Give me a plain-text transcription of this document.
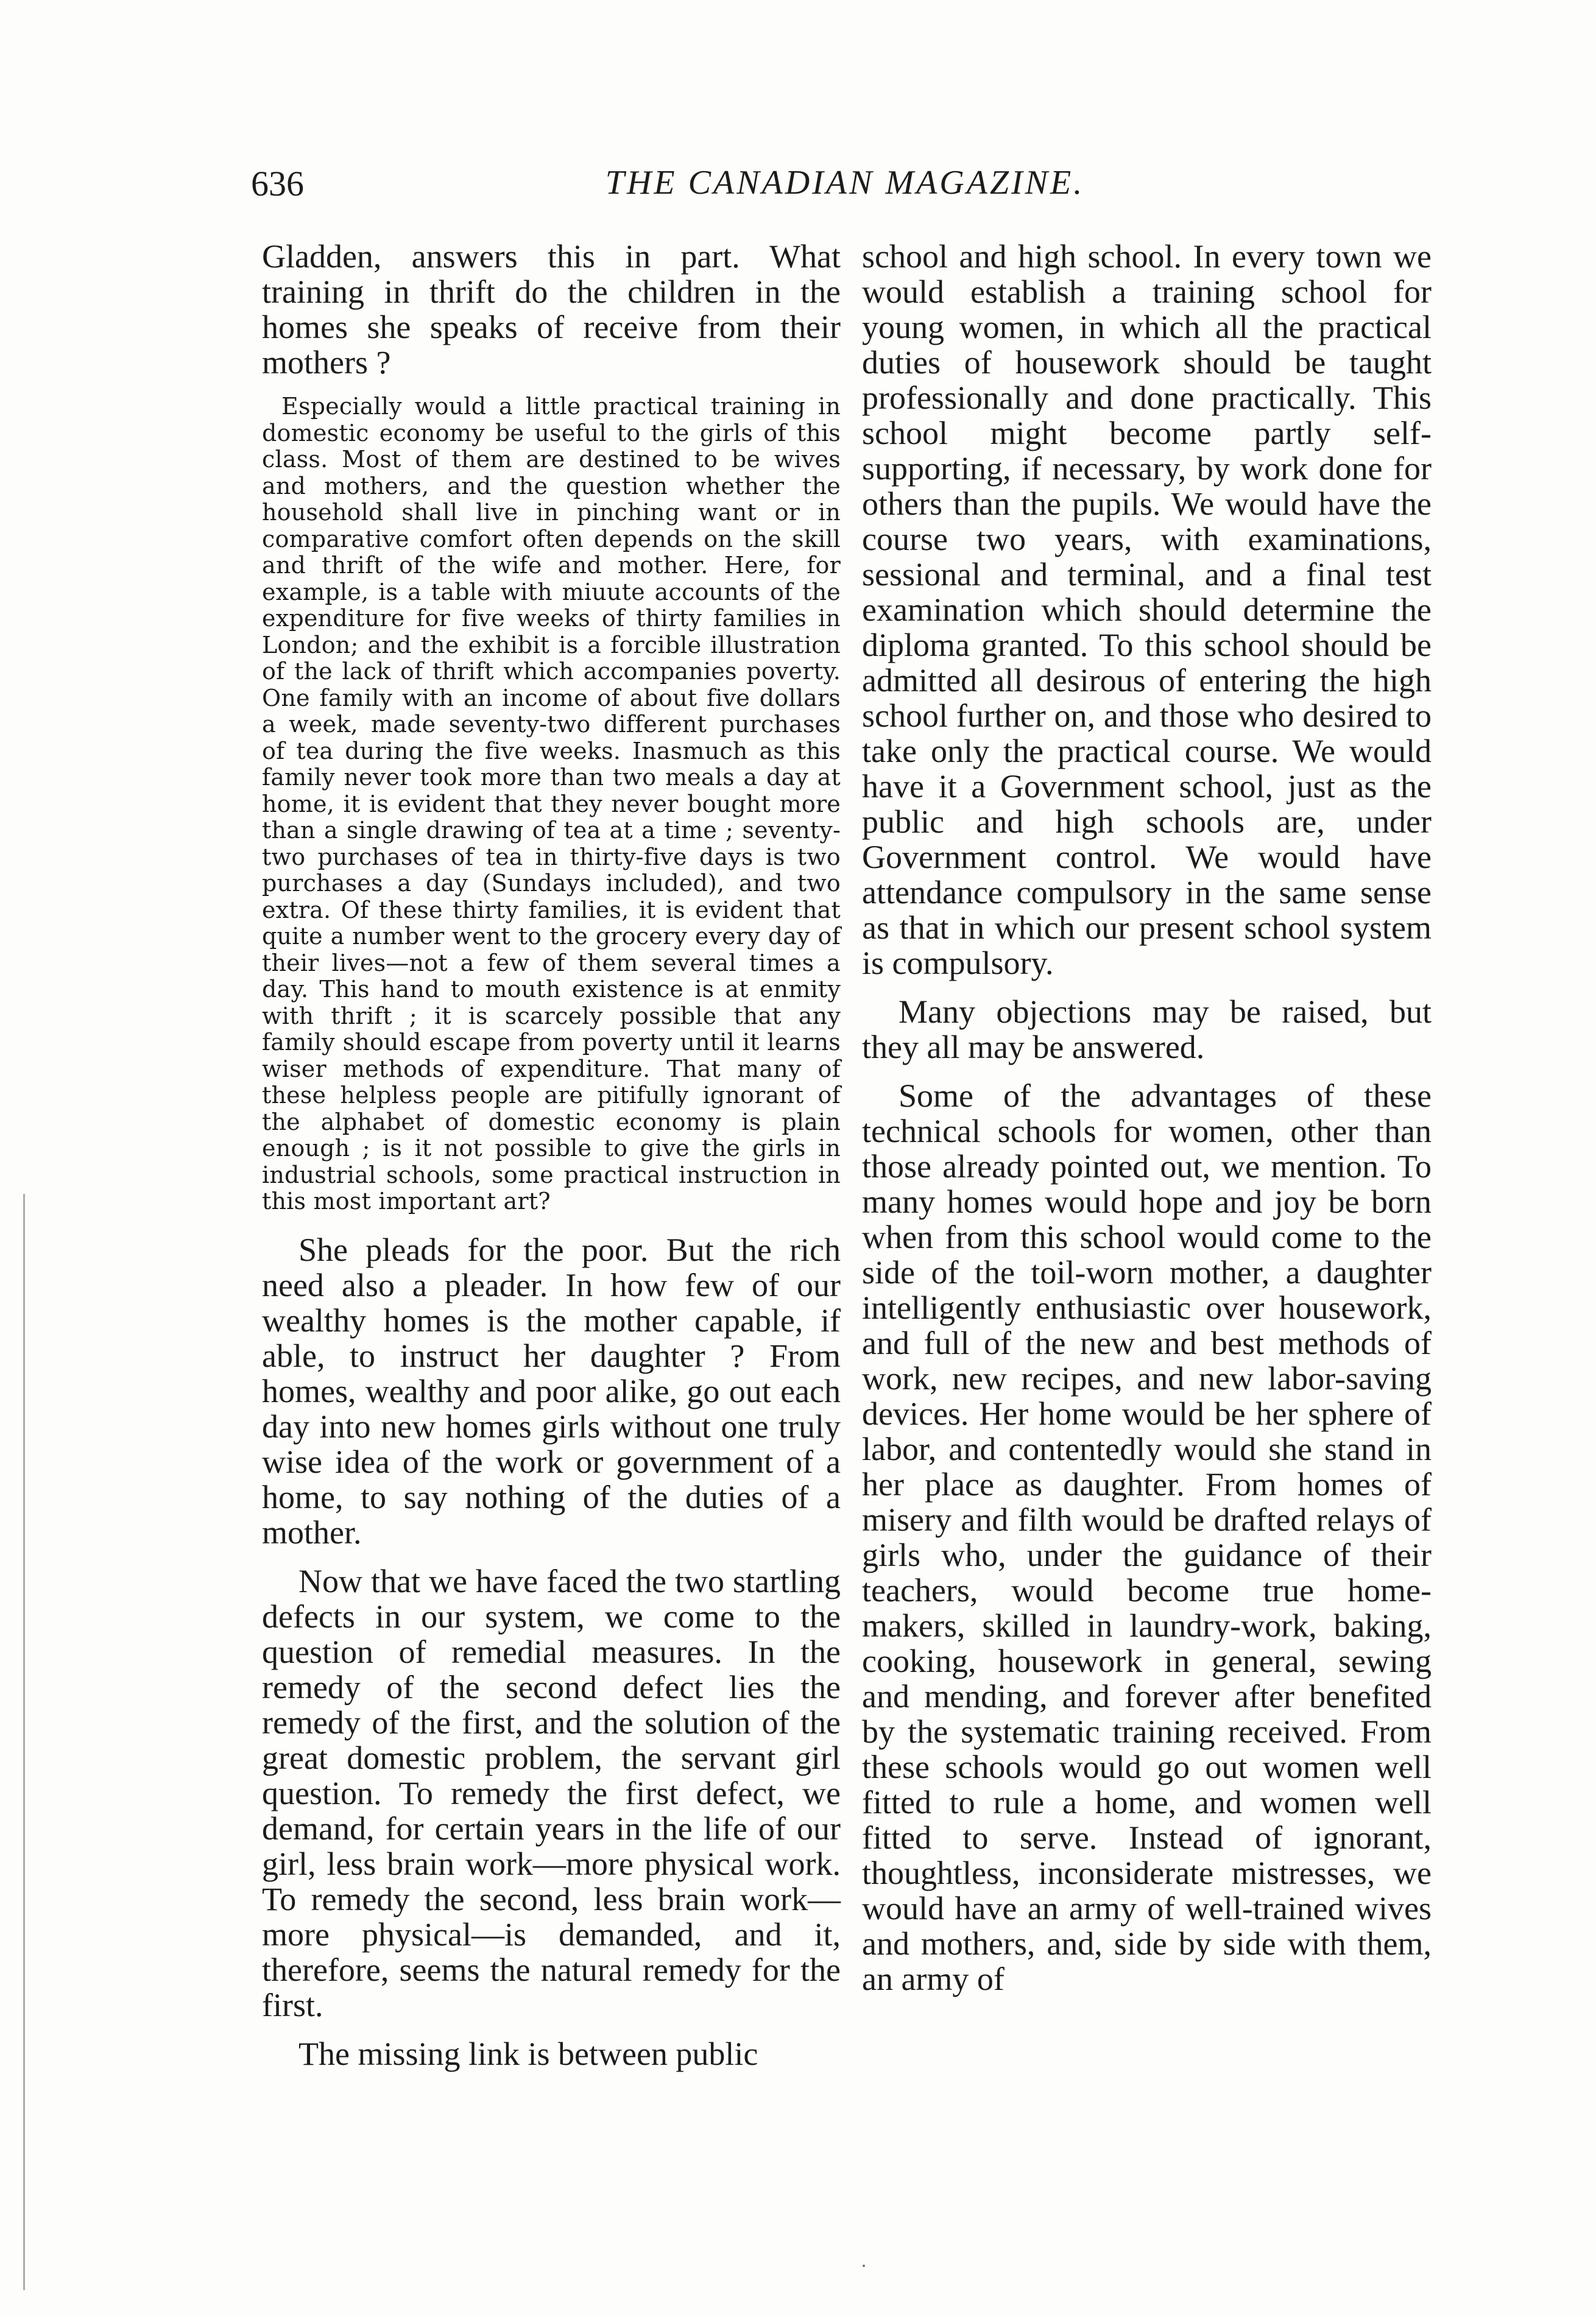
636	THE CANADIAN MAGAZINE.

Gladden, answers this in part. What training in thrift do the children in the homes she speaks of receive from their mothers ?

Especially would a little practical training in domestic economy be useful to the girls of this class. Most of them are destined to be wives and mothers, and the question whether the household shall live in pinching want or in comparative comfort often depends on the skill and thrift of the wife and mother. Here, for example, is a table with miuute accounts of the expenditure for five weeks of thirty families in London; and the exhibit is a forcible illustration of the lack of thrift which accompanies poverty. One family with an income of about five dollars a week, made seventy-two different purchases of tea during the five weeks. Inasmuch as this family never took more than two meals a day at home, it is evident that they never bought more than a single drawing of tea at a time ; seventy-two purchases of tea in thirty-five days is two purchases a day (Sundays included), and two extra. Of these thirty families, it is evident that quite a number went to the grocery every day of their lives—not a few of them several times a day. This hand to mouth existence is at enmity with thrift ; it is scarcely possible that any family should escape from poverty until it learns wiser methods of expenditure. That many of these helpless people are pitifully ignorant of the alphabet of domestic economy is plain enough ; is it not possible to give the girls in industrial schools, some practical instruction in this most important art?

She pleads for the poor. But the rich need also a pleader. In how few of our wealthy homes is the mother capable, if able, to instruct her daughter ? From homes, wealthy and poor alike, go out each day into new homes girls without one truly wise idea of the work or government of a home, to say nothing of the duties of a mother.

Now that we have faced the two startling defects in our system, we come to the question of remedial measures. In the remedy of the second defect lies the remedy of the first, and the solution of the great domestic problem, the servant girl question. To remedy the first defect, we demand, for certain years in the life of our girl, less brain work—more physical work. To remedy the second, less brain work—more physical—is demanded, and it, therefore, seems the natural remedy for the first.

The missing link is between public

school and high school. In every town we would establish a training school for young women, in which all the practical duties of housework should be taught professionally and done practically. This school might become partly self-supporting, if necessary, by work done for others than the pupils. We would have the course two years, with examinations, sessional and terminal, and a final test examination which should determine the diploma granted. To this school should be admitted all desirous of entering the high school further on, and those who desired to take only the practical course. We would have it a Government school, just as the public and high schools are, under Government control. We would have attendance compulsory in the same sense as that in which our present school system is compulsory.

Many objections may be raised, but they all may be answered.

Some of the advantages of these technical schools for women, other than those already pointed out, we mention. To many homes would hope and joy be born when from this school would come to the side of the toil-worn mother, a daughter intelligently enthusiastic over housework, and full of the new and best methods of work, new recipes, and new labor-saving devices. Her home would be her sphere of labor, and contentedly would she stand in her place as daughter. From homes of misery and filth would be drafted relays of girls who, under the guidance of their teachers, would become true home-makers, skilled in laundry-work, baking, cooking, housework in general, sewing and mending, and forever after benefited by the systematic training received. From these schools would go out women well fitted to rule a home, and women well fitted to serve. Instead of ignorant, thoughtless, inconsiderate mistresses, we would have an army of well-trained wives and mothers, and, side by side with them, an army of
